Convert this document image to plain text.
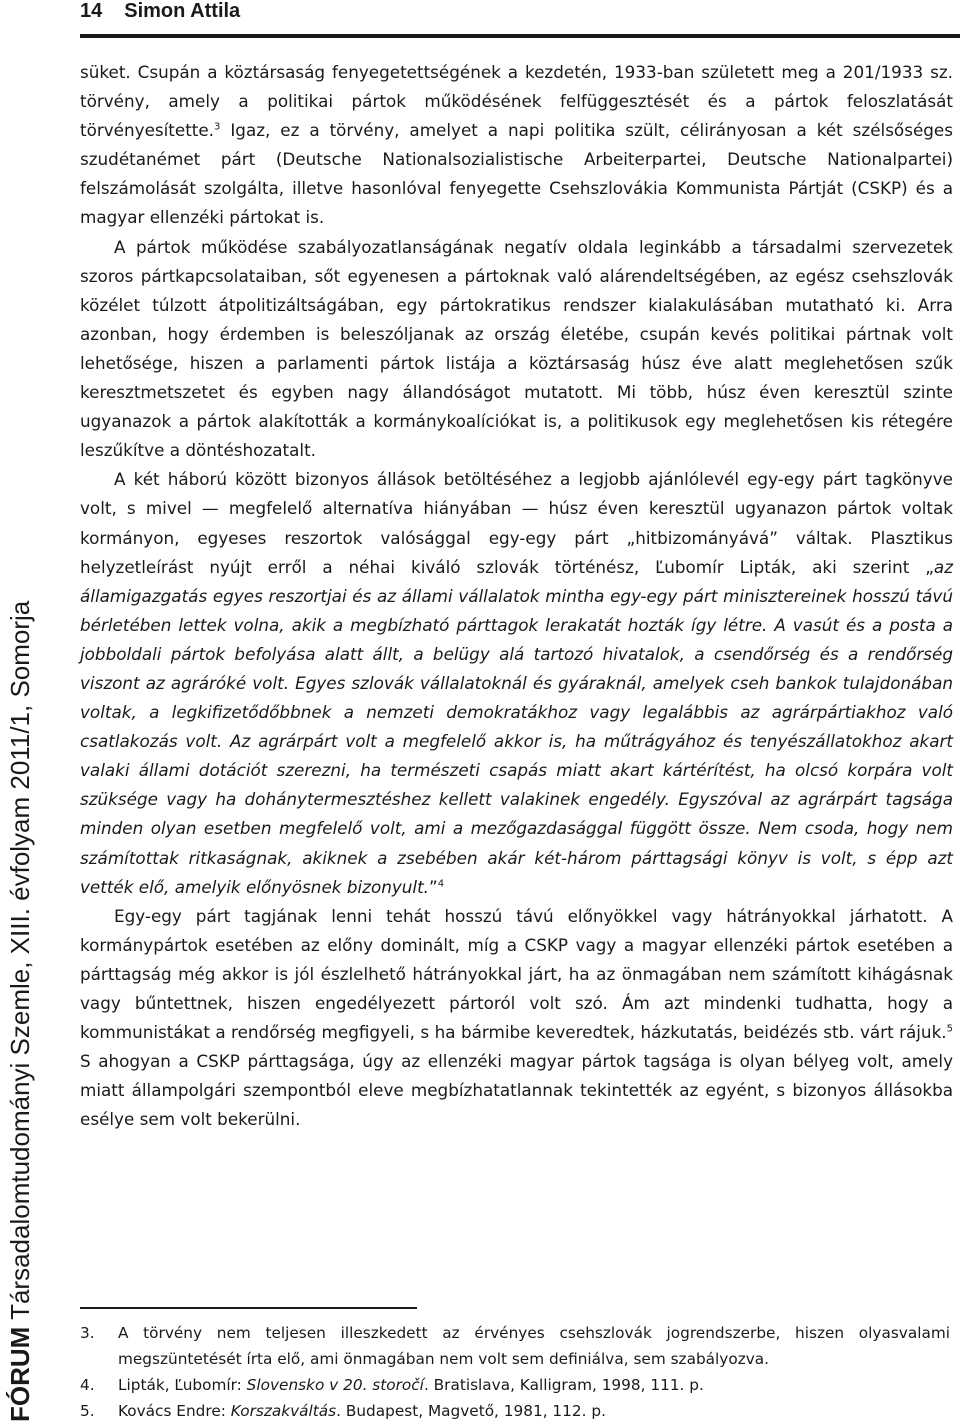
14 Simon Attila
FÓRUM Társadalomtudományi Szemle, XIII. évfolyam 2011/1, Somorja

süket. Csupán a köztársaság fenyegetettségének a kezdetén, 1933-ban született meg a 201/1933 sz. törvény, amely a politikai pártok működésének felfüggesztését és a pártok feloszlatását törvényesítette.$^3$ Igaz, ez a törvény, amelyet a napi politika szült, célirányosan a két szélsőséges szudétanémet párt (Deutsche Nationalsozialistische Arbeiterpartei, Deutsche Nationalpartei) felszámolását szolgálta, illetve hasonlóval fenyegette Csehszlovákia Kommunista Pártját (CSKP) és a magyar ellenzéki pártokat is.

A pártok működése szabályozatlanságának negatív oldala leginkább a társadalmi szervezetek szoros pártkapcsolataiban, sőt egyenesen a pártoknak való alárendeltségében, az egész csehszlovák közélet túlzott átpolitizáltságában, egy pártokratikus rendszer kialakulásában mutatható ki. Arra azonban, hogy érdemben is beleszóljanak az ország életébe, csupán kevés politikai pártnak volt lehetősége, hiszen a parlamenti pártok listája a köztársaság húsz éve alatt meglehetősen szűk keresztmetszetet és egyben nagy állandóságot mutatott. Mi több, húsz éven keresztül szinte ugyanazok a pártok alakították a kormánykoalíciókat is, a politikusok egy meglehetősen kis rétegére leszűkítve a döntéshozatalt.

A két háború között bizonyos állások betöltéséhez a legjobb ajánlólevél egy-egy párt tagkönyve volt, s mivel — megfelelő alternatíva hiányában — húsz éven keresztül ugyanazon pártok voltak kormányon, egyeses reszortok valósággal egy-egy párt „hitbizományává” váltak. Plasztikus helyzetleírást nyújt erről a néhai kiváló szlovák történész, Ľubomír Lipták, aki szerint „az államigazgatás egyes reszortjai és az állami vállalatok mintha egy-egy párt minisztereinek hosszú távú bérletében lettek volna, akik a megbízható párttagok lerakatát hozták így létre. A vasút és a posta a jobboldali pártok befolyása alatt állt, a belügy alá tartozó hivatalok, a csendőrség és a rendőrség viszont az agráróké volt. Egyes szlovák vállalatoknál és gyáraknál, amelyek cseh bankok tulajdonában voltak, a legkifizetődőbbnek a nemzeti demokratákhoz vagy legalábbis az agrárpártiakhoz való csatlakozás volt. Az agrárpárt volt a megfelelő akkor is, ha műtrágyához és tenyészállatokhoz akart valaki állami dotációt szerezni, ha természeti csapás miatt akart kártérítést, ha olcsó korpára volt szüksége vagy ha dohánytermesztéshez kellett valakinek engedély. Egyszóval az agrárpárt tagsága minden olyan esetben megfelelő volt, ami a mezőgazdasággal függött össze. Nem csoda, hogy nem számítottak ritkaságnak, akiknek a zsebében akár két-három párttagsági könyv is volt, s épp azt vették elő, amelyik előnyösnek bizonyult.”$^4$

Egy-egy párt tagjának lenni tehát hosszú távú előnyökkel vagy hátrányokkal járhatott. A kormánypártok esetében az előny dominált, míg a CSKP vagy a magyar ellenzéki pártok esetében a párttagság még akkor is jól észlelhető hátrányokkal járt, ha az önmagában nem számított kihágásnak vagy bűntettnek, hiszen engedélyezett pártoról volt szó. Ám azt mindenki tudhatta, hogy a kommunistákat a rendőrség megfigyeli, s ha bármibe keveredtek, házkutatás, beidézés stb. várt rájuk.$^5$ S ahogyan a CSKP párttagsága, úgy az ellenzéki magyar pártok tagsága is olyan bélyeg volt, amely miatt állampolgári szempontból eleve megbízhatatlannak tekintették az egyént, s bizonyos állásokba esélye sem volt bekerülni.

3. A törvény nem teljesen illeszkedett az érvényes csehszlovák jogrendszerbe, hiszen olyasvalami megszüntetését írta elő, ami önmagában nem volt sem definiálva, sem szabályozva.
4. Lipták, Ľubomír: Slovensko v 20. storočí. Bratislava, Kalligram, 1998, 111. p.
5. Kovács Endre: Korszakváltás. Budapest, Magvető, 1981, 112. p.
